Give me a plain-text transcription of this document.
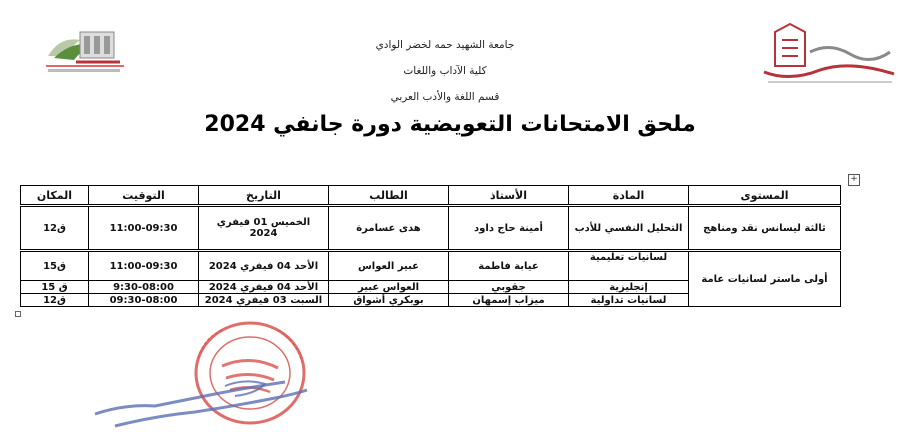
جامعة الشهيد حمه لخضر الوادي
كلية الآداب واللغات
قسم اللغة والأدب العربي
ملحق الامتحانات التعويضية دورة جانفي 2024
+
المستوى	المادة	الأستاذ	الطالب	التاريخ	التوقيت	المكان
ثالثة ليسانس نقد ومناهج	التحليل النفسي للأدب	أمينة حاج داود	هدى عسامرة	الخميس 01 فيفري 2024	11:00-09:30	ق12
أولى ماستر لسانيات عامة	لسانيات تعليمية	عيابة فاطمة	عبير العواس	الأحد 04 فيفري 2024	11:00-09:30	ق15
	إنجليزية	جقوبي	العواس عبير	الأحد 04 فيفري 2024	9:30-08:00	ق 15
	لسانيات تداولية	ميزاب إسمهان	بوبكري أشواق	السبت 03 فيفري 2024	09:30-08:00	ق12
